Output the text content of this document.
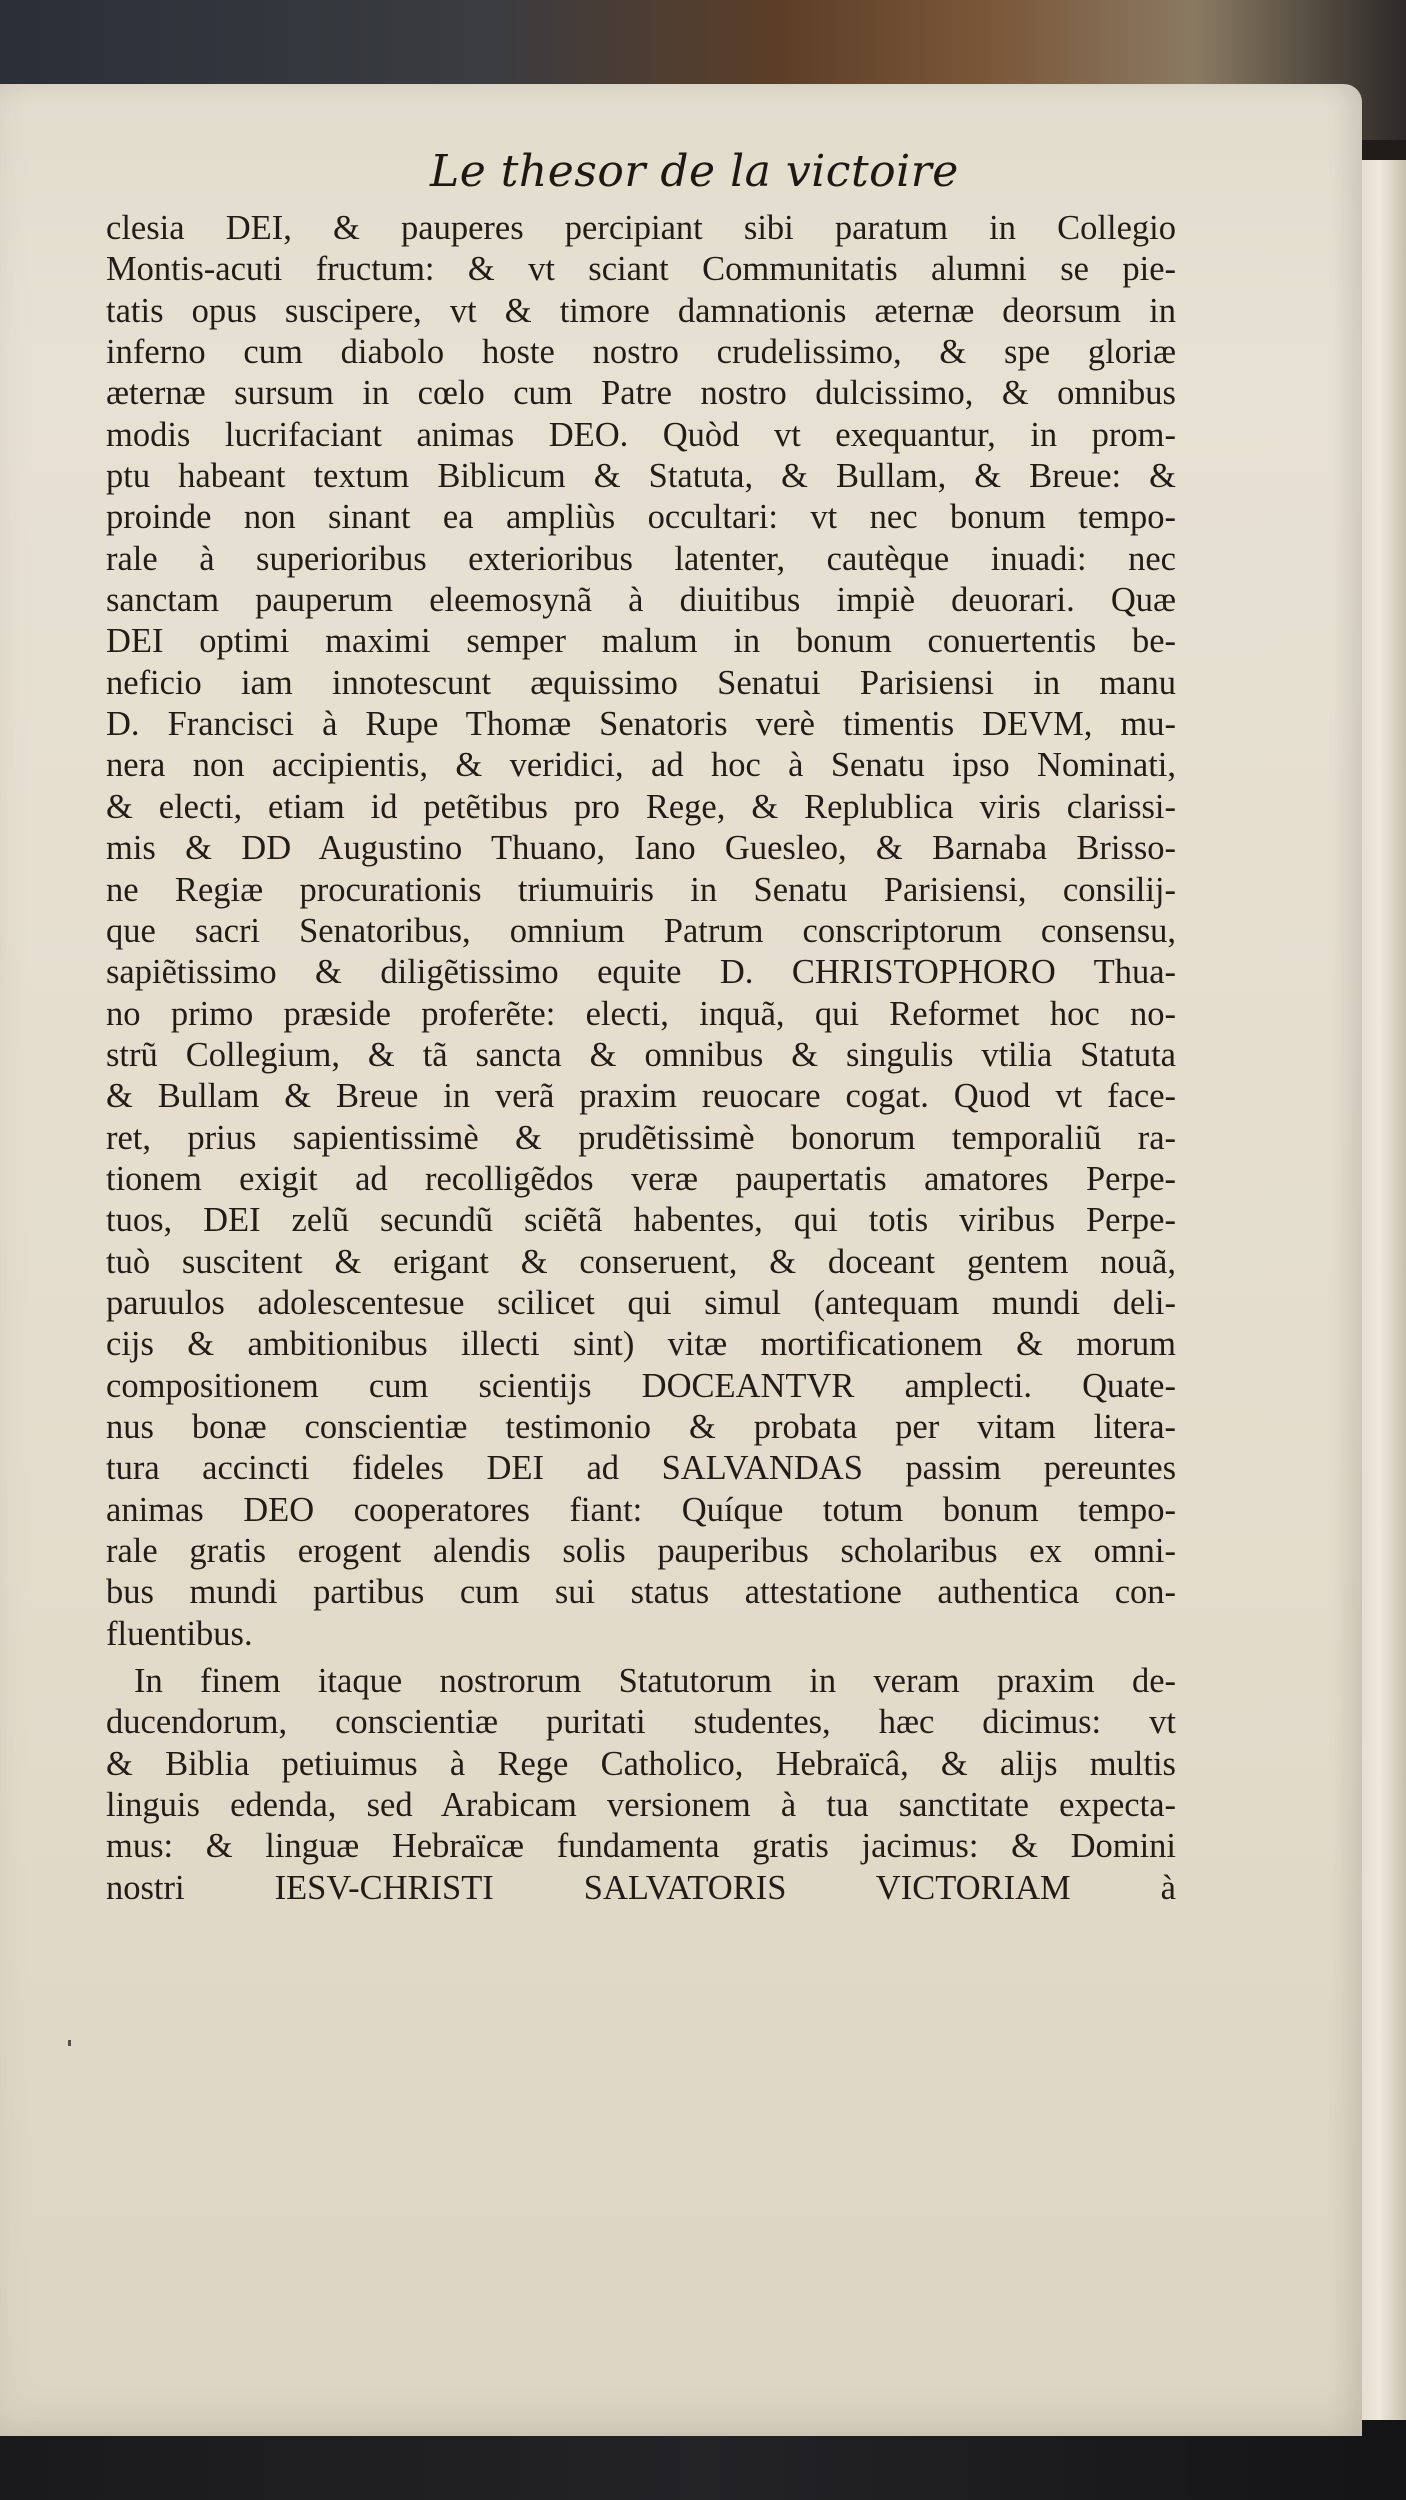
Le thesor de la victoire
clesia DEI, & pauperes percipiant sibi paratum in Collegio
Montis-acuti fructum: & vt sciant Communitatis alumni se pie-
tatis opus suscipere, vt & timore damnationis æternæ deorsum in
inferno cum diabolo hoste nostro crudelissimo, & spe gloriæ
æternæ sursum in cœlo cum Patre nostro dulcissimo, & omnibus
modis lucrifaciant animas DEO. Quòd vt exequantur, in prom-
ptu habeant textum Biblicum & Statuta, & Bullam, & Breue: &
proinde non sinant ea ampliùs occultari: vt nec bonum tempo-
rale à superioribus exterioribus latenter, cautèque inuadi: nec
sanctam pauperum eleemosynã à diuitibus impiè deuorari. Quæ
DEI optimi maximi semper malum in bonum conuertentis be-
neficio iam innotescunt æquissimo Senatui Parisiensi in manu
D. Francisci à Rupe Thomæ Senatoris verè timentis DEVM, mu-
nera non accipientis, & veridici, ad hoc à Senatu ipso Nominati,
& electi, etiam id petẽtibus pro Rege, & Replublica viris clarissi-
mis & DD Augustino Thuano, Iano Guesleo, & Barnaba Brisso-
ne Regiæ procurationis triumuiris in Senatu Parisiensi, consilij-
que sacri Senatoribus, omnium Patrum conscriptorum consensu,
sapiẽtissimo & diligẽtissimo equite D. CHRISTOPHORO Thua-
no primo præside proferẽte: electi, inquã, qui Reformet hoc no-
strũ Collegium, & tã sancta & omnibus & singulis vtilia Statuta
& Bullam & Breue in verã praxim reuocare cogat. Quod vt face-
ret, prius sapientissimè & prudẽtissimè bonorum temporaliũ ra-
tionem exigit ad recolligẽdos veræ paupertatis amatores Perpe-
tuos, DEI zelũ secundũ sciẽtã habentes, qui totis viribus Perpe-
tuò suscitent & erigant & conseruent, & doceant gentem nouã,
paruulos adolescentesue scilicet qui simul (antequam mundi deli-
cijs & ambitionibus illecti sint) vitæ mortificationem & morum
compositionem cum scientijs DOCEANTVR amplecti. Quate-
nus bonæ conscientiæ testimonio & probata per vitam litera-
tura accincti fideles DEI ad SALVANDAS passim pereuntes
animas DEO cooperatores fiant: Quíque totum bonum tempo-
rale gratis erogent alendis solis pauperibus scholaribus ex omni-
bus mundi partibus cum sui status attestatione authentica con-
fluentibus.
In finem itaque nostrorum Statutorum in veram praxim de-
ducendorum, conscientiæ puritati studentes, hæc dicimus: vt
& Biblia petiuimus à Rege Catholico, Hebraïcâ, & alijs multis
linguis edenda, sed Arabicam versionem à tua sanctitate expecta-
mus: & linguæ Hebraïcæ fundamenta gratis jacimus: & Domini
nostri IESV-CHRISTI SALVATORIS VICTORIAM à
